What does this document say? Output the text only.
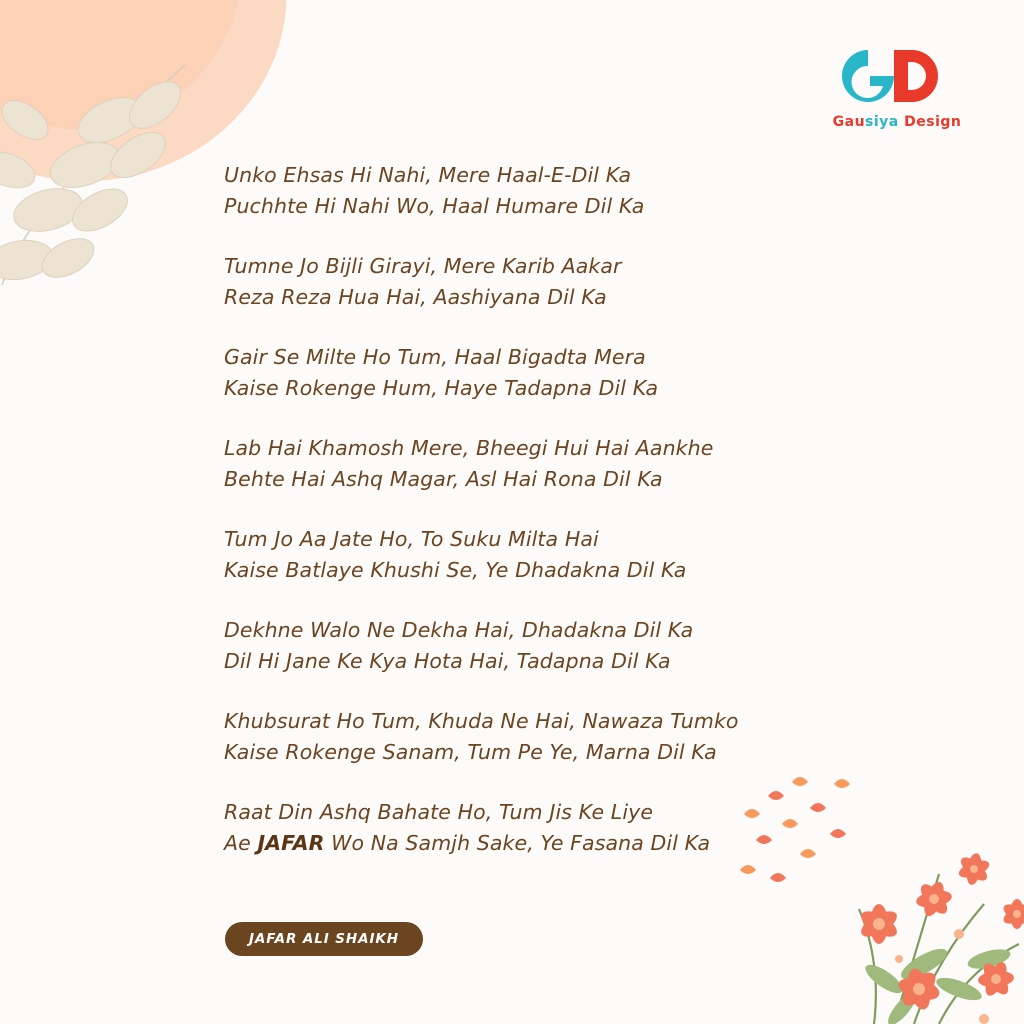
Gausiya Design
Unko Ehsas Hi Nahi, Mere Haal-E-Dil Ka
Puchhte Hi Nahi Wo, Haal Humare Dil Ka
Tumne Jo Bijli Girayi, Mere Karib Aakar
Reza Reza Hua Hai, Aashiyana Dil Ka
Gair Se Milte Ho Tum, Haal Bigadta Mera
Kaise Rokenge Hum, Haye Tadapna Dil Ka
Lab Hai Khamosh Mere, Bheegi Hui Hai Aankhe
Behte Hai Ashq Magar, Asl Hai Rona Dil Ka
Tum Jo Aa Jate Ho, To Suku Milta Hai
Kaise Batlaye Khushi Se, Ye Dhadakna Dil Ka
Dekhne Walo Ne Dekha Hai, Dhadakna Dil Ka
Dil Hi Jane Ke Kya Hota Hai, Tadapna Dil Ka
Khubsurat Ho Tum, Khuda Ne Hai, Nawaza Tumko
Kaise Rokenge Sanam, Tum Pe Ye, Marna Dil Ka
Raat Din Ashq Bahate Ho, Tum Jis Ke Liye
Ae JAFAR Wo Na Samjh Sake, Ye Fasana Dil Ka
JAFAR ALI SHAIKH
